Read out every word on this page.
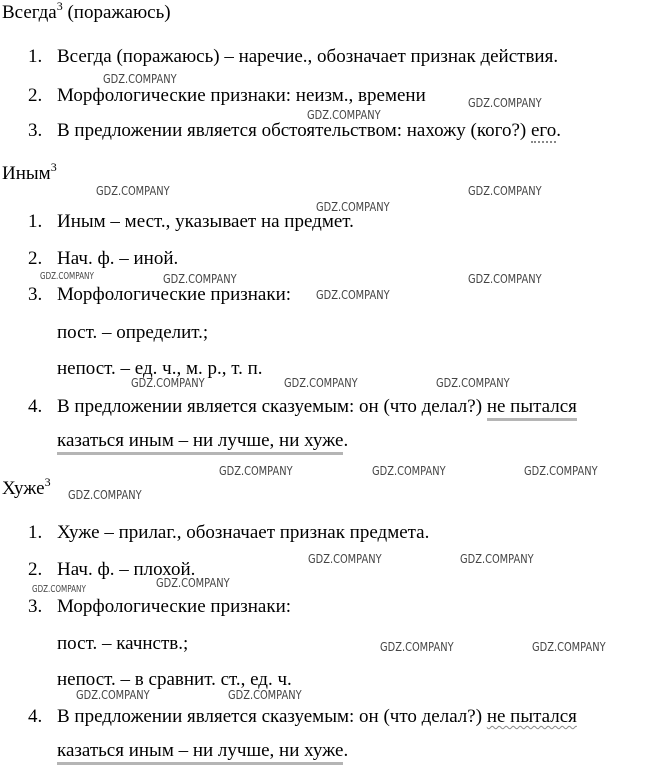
Всегда$^3$ (поражаюсь)
1. Всегда (поражаюсь) – наречие., обозначает признак действия.
2. Морфологические признаки: неизм., времени
3. В предложении является обстоятельством: нахожу (кого?) его.
Иным$^3$
1. Иным – мест., указывает на предмет.
2. Нач. ф. – иной.
3. Морфологические признаки:
пост. – определит.;
непост. – ед. ч., м. р., т. п.
4. В предложении является сказуемым: он (что делал?) не пытался
казаться иным – ни лучше, ни хуже.
Хуже$^3$
1. Хуже – прилаг., обозначает признак предмета.
2. Нач. ф. – плохой.
3. Морфологические признаки:
пост. – качнств.;
непост. – в сравнит. ст., ед. ч.
4. В предложении является сказуемым: он (что делал?) не пытался
казаться иным – ни лучше, ни хуже.
GDZ.COMPANY
GDZ.COMPANY
GDZ.COMPANY
GDZ.COMPANY	GDZ.COMPANY
GDZ.COMPANY
GDZ.COMPANY	GDZ.COMPANY	GDZ.COMPANY
GDZ.COMPANY
GDZ.COMPANY	GDZ.COMPANY	GDZ.COMPANY
GDZ.COMPANY	GDZ.COMPANY	GDZ.COMPANY
GDZ.COMPANY
GDZ.COMPANY	GDZ.COMPANY
GDZ.COMPANY
GDZ.COMPANY
GDZ.COMPANY	GDZ.COMPANY
GDZ.COMPANY	GDZ.COMPANY
